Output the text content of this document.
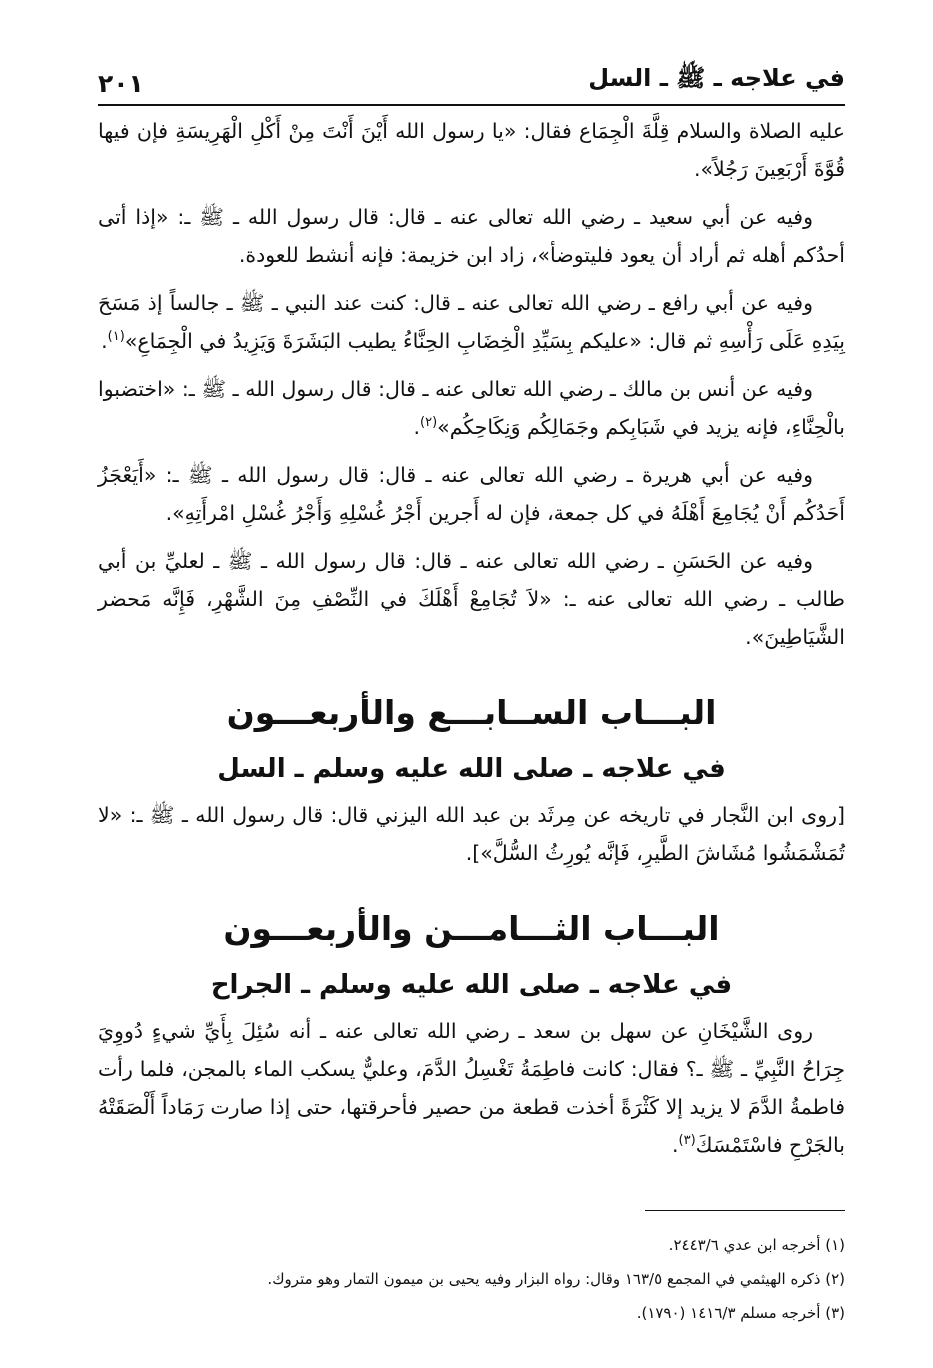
٢٠١	في علاجه ـ ﷺ ـ السل

عليه الصلاة والسلام قِلَّةَ الْجِمَاع فقال: «يا رسول الله أَيْنَ أَنْتَ مِنْ أَكْلِ الْهَرِيسَةِ فإن فيها قُوَّةَ أَرْبَعِينَ رَجُلاً».

وفيه عن أبي سعيد ـ رضي الله تعالى عنه ـ قال: قال رسول الله ـ ﷺ ـ: «إذا أتى أحدُكم أهله ثم أراد أن يعود فليتوضأ»، زاد ابن خزيمة: فإنه أنشط للعودة.

وفيه عن أبي رافع ـ رضي الله تعالى عنه ـ قال: كنت عند النبي ـ ﷺ ـ جالساً إذ مَسَحَ بِيَدِهِ عَلَى رَأْسِهِ ثم قال: «عليكم بِسَيِّدِ الْخِضَابِ الحِنَّاءُ يطيب البَشَرَةَ وَيَزِيدُ في الْجِمَاعِ»$^{(١)}$.

وفيه عن أنس بن مالك ـ رضي الله تعالى عنه ـ قال: قال رسول الله ـ ﷺ ـ: «اختضبوا بالْحِنَّاءِ، فإنه يزيد في شَبَابِكم وجَمَالِكُم وَنِكَاحِكُم»$^{(٢)}$.

وفيه عن أبي هريرة ـ رضي الله تعالى عنه ـ قال: قال رسول الله ـ ﷺ ـ: «أَيَعْجَزُ أَحَدُكُم أَنْ يُجَامِعَ أَهْلَهُ في كل جمعة، فإن له أَجرين أَجْرُ غُسْلِهِ وَأَجْرُ غُسْلِ امْرأَتِهِ».

وفيه عن الحَسَنِ ـ رضي الله تعالى عنه ـ قال: قال رسول الله ـ ﷺ ـ لعليِّ بن أبي طالب ـ رضي الله تعالى عنه ـ: «لاَ تُجَامِعْ أَهْلَكَ في النِّصْفِ مِنَ الشَّهْرِ، فَإِنَّه مَحضر الشَّيَاطِينَ».

البـــاب الســابـــع والأربعـــون
في علاجه ـ صلى الله عليه وسلم ـ السل

[روى ابن النَّجار في تاريخه عن مِرثَد بن عبد الله اليزني قال: قال رسول الله ـ ﷺ ـ: «لا تُمَشْمَشُوا مُشَاشَ الطَّيرِ، فَإنَّه يُورِثُ السُّلَّ»].

البـــاب الثـــامـــن والأربعـــون
في علاجه ـ صلى الله عليه وسلم ـ الجراح

روى الشَّيْخَانِ عن سهل بن سعد ـ رضي الله تعالى عنه ـ أنه سُئِلَ بِأَيِّ شيءٍ دُووِيَ جِرَاحُ النَّبِيِّ ـ ﷺ ـ؟ فقال: كانت فاطِمَةُ تَغْسِلُ الدَّمَ، وعليٌّ يسكب الماء بالمجن، فلما رأت فاطمةُ الدَّمَ لا يزيد إلا كَثْرَةً أخذت قطعة من حصير فأحرقتها، حتى إذا صارت رَمَاداً أَلْصَقَتْهُ بالجَرْحِ فاسْتَمْسَكَ$^{(٣)}$.

(١) أخرجه ابن عدي ٢٤٤٣/٦.

(٢) ذكره الهيثمي في المجمع ١٦٣/٥ وقال: رواه البزار وفيه يحيى بن ميمون التمار وهو متروك.

(٣) أخرجه مسلم ١٤١٦/٣ (١٧٩٠).
